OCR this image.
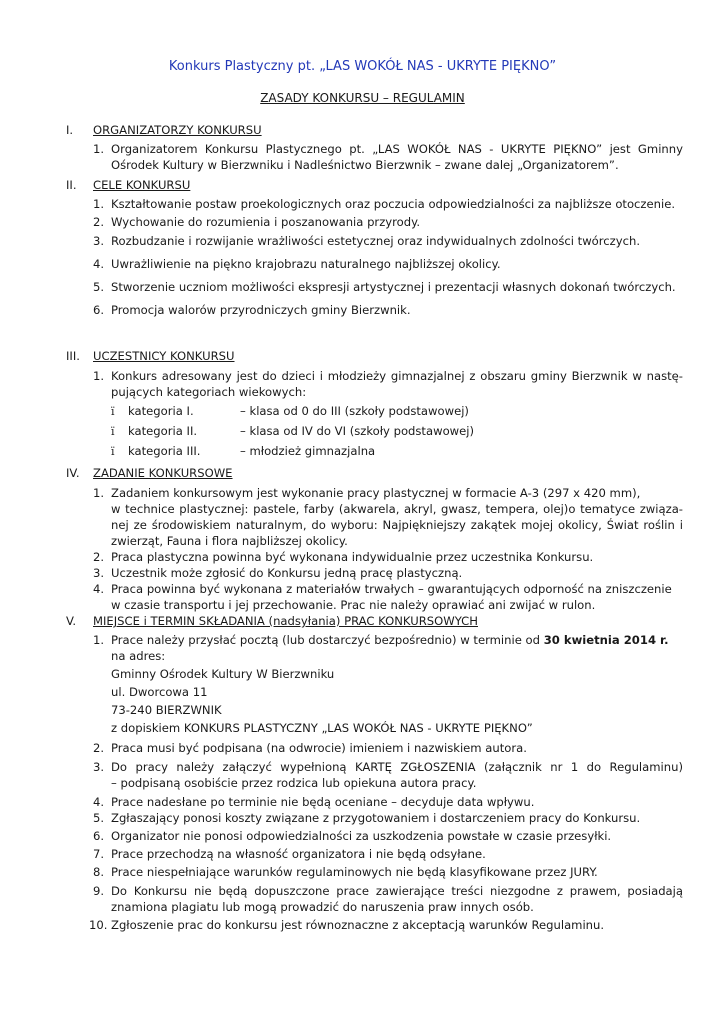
Konkurs Plastyczny pt. „LAS WOKÓŁ NAS - UKRYTE PIĘKNO”
ZASADY KONKURSU – REGULAMIN
I. ORGANIZATORZY KONKURSU
1. Organizatorem Konkursu Plastycznego pt. „LAS WOKÓŁ NAS - UKRYTE PIĘKNO” jest Gminny
Ośrodek Kultury w Bierzwniku i Nadleśnictwo Bierzwnik – zwane dalej „Organizatorem”.
II. CELE KONKURSU
1. Kształtowanie postaw proekologicznych oraz poczucia odpowiedzialności za najbliższe otoczenie.
2. Wychowanie do rozumienia i poszanowania przyrody.
3. Rozbudzanie i rozwijanie wrażliwości estetycznej oraz indywidualnych zdolności twórczych.
4. Uwrażliwienie na piękno krajobrazu naturalnego najbliższej okolicy.
5. Stworzenie uczniom możliwości ekspresji artystycznej i prezentacji własnych dokonań twórczych.
6. Promocja walorów przyrodniczych gminy Bierzwnik.
III. UCZESTNICY KONKURSU
1. Konkurs adresowany jest do dzieci i młodzieży gimnazjalnej z obszaru gminy Bierzwnik w nastę-
pujących kategoriach wiekowych:
ï kategoria I.	– klasa od 0 do III (szkoły podstawowej)
ï kategoria II.	– klasa od IV do VI (szkoły podstawowej)
ï kategoria III.	– młodzież gimnazjalna
IV. ZADANIE KONKURSOWE
1. Zadaniem konkursowym jest wykonanie pracy plastycznej w formacie A-3 (297 x 420 mm),
w technice plastycznej: pastele, farby (akwarela, akryl, gwasz, tempera, olej)o tematyce związa-
nej ze środowiskiem naturalnym, do wyboru: Najpiękniejszy zakątek mojej okolicy, Świat roślin i
zwierząt, Fauna i flora najbliższej okolicy.
2. Praca plastyczna powinna być wykonana indywidualnie przez uczestnika Konkursu.
3. Uczestnik może zgłosić do Konkursu jedną pracę plastyczną.
4. Praca powinna być wykonana z materiałów trwałych – gwarantujących odporność na zniszczenie
w czasie transportu i jej przechowanie. Prac nie należy oprawiać ani zwijać w rulon.
V. MIEJSCE i TERMIN SKŁADANIA (nadsyłania) PRAC KONKURSOWYCH
1. Prace należy przysłać pocztą (lub dostarczyć bezpośrednio) w terminie od 30 kwietnia 2014 r.
na adres:
Gminny Ośrodek Kultury W Bierzwniku
ul. Dworcowa 11
73-240 BIERZWNIK
z dopiskiem KONKURS PLASTYCZNY „LAS WOKÓŁ NAS - UKRYTE PIĘKNO”
2. Praca musi być podpisana (na odwrocie) imieniem i nazwiskiem autora.
3. Do pracy należy załączyć wypełnioną KARTĘ ZGŁOSZENIA (załącznik nr 1 do Regulaminu)
– podpisaną osobiście przez rodzica lub opiekuna autora pracy.
4. Prace nadesłane po terminie nie będą oceniane – decyduje data wpływu.
5. Zgłaszający ponosi koszty związane z przygotowaniem i dostarczeniem pracy do Konkursu.
6. Organizator nie ponosi odpowiedzialności za uszkodzenia powstałe w czasie przesyłki.
7. Prace przechodzą na własność organizatora i nie będą odsyłane.
8. Prace niespełniające warunków regulaminowych nie będą klasyfikowane przez JURY.
9. Do Konkursu nie będą dopuszczone prace zawierające treści niezgodne z prawem, posiadają
znamiona plagiatu lub mogą prowadzić do naruszenia praw innych osób.
10. Zgłoszenie prac do konkursu jest równoznaczne z akceptacją warunków Regulaminu.
